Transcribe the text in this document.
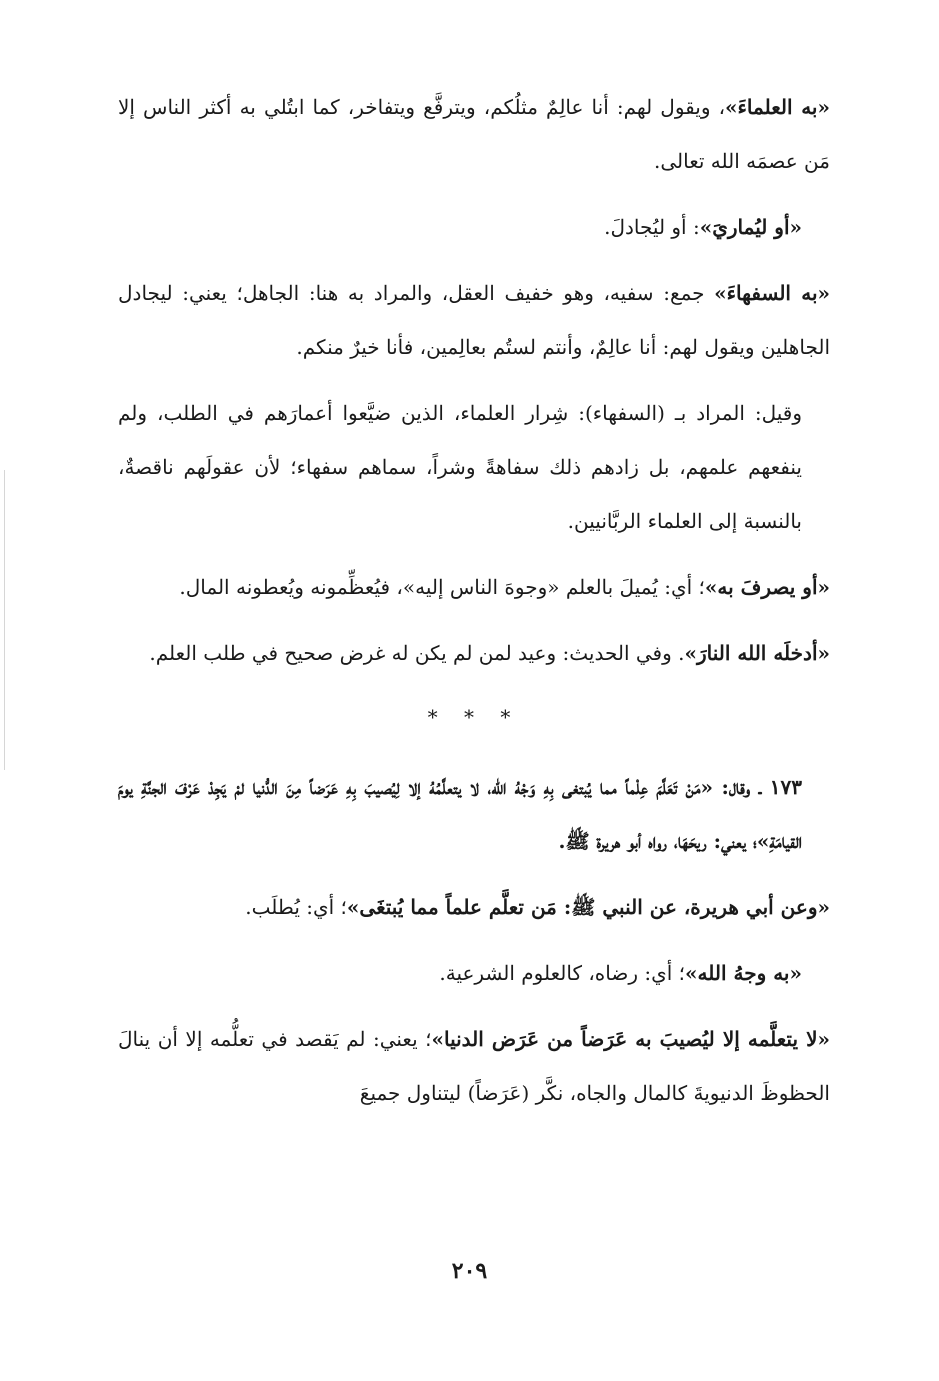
«به العلماءَ»، ويقول لهم: أنا عالِمٌ مثلُكم، ويترفَّع ويتفاخر، كما ابتُلي به أكثر الناس إلا مَن عصمَه الله تعالى.

«أو ليُماريَ»: أو ليُجادلَ.

«به السفهاءَ» جمع: سفيه، وهو خفيف العقل، والمراد به هنا: الجاهل؛ يعني: ليجادل الجاهلين ويقول لهم: أنا عالِمٌ، وأنتم لستُم بعالِمين، فأنا خيرٌ منكم.

وقيل: المراد بـ (السفهاء): شِرار العلماء، الذين ضيَّعوا أعمارَهم في الطلب، ولم ينفعهم علمهم، بل زادهم ذلك سفاهةً وشراً، سماهم سفهاء؛ لأن عقولَهم ناقصةٌ، بالنسبة إلى العلماء الربَّانيين.

«أو يصرفَ به»؛ أي: يُميلَ بالعلم «وجوهَ الناس إليه»، فيُعظِّمونه ويُعطونه المال.

«أدخلَه الله النارَ». وفي الحديث: وعيد لمن لم يكن له غرض صحيح في طلب العلم.

* * *

١٧٣ ـ وقال: «مَنْ تَعَلَّمَ عِلْماً مما يُبتغى بِهِ وَجْهُ الله، لا يتعلَّمُهُ إلا لِيُصيبَ بِهِ عَرَضاً مِنَ الدُّنيا لمْ يَجِدْ عَرْفَ الجنَّةِ يومَ القيامَةِ»؛ يعني: ريحَهَا، رواه أبو هريرة ﷺ.

«وعن أبي هريرة، عن النبي ﷺ: مَن تعلَّم علماً مما يُبتغَى»؛ أي: يُطلَب.

«به وجهُ الله»؛ أي: رضاه، كالعلوم الشرعية.

«لا يتعلَّمه إلا ليُصيبَ به عَرَضاً من عَرَض الدنيا»؛ يعني: لم يَقصد في تعلُّمه إلا أن ينالَ الحظوظَ الدنيويةَ كالمال والجاه، نكَّر (عَرَضاً) ليتناول جميعَ

٢٠٩
